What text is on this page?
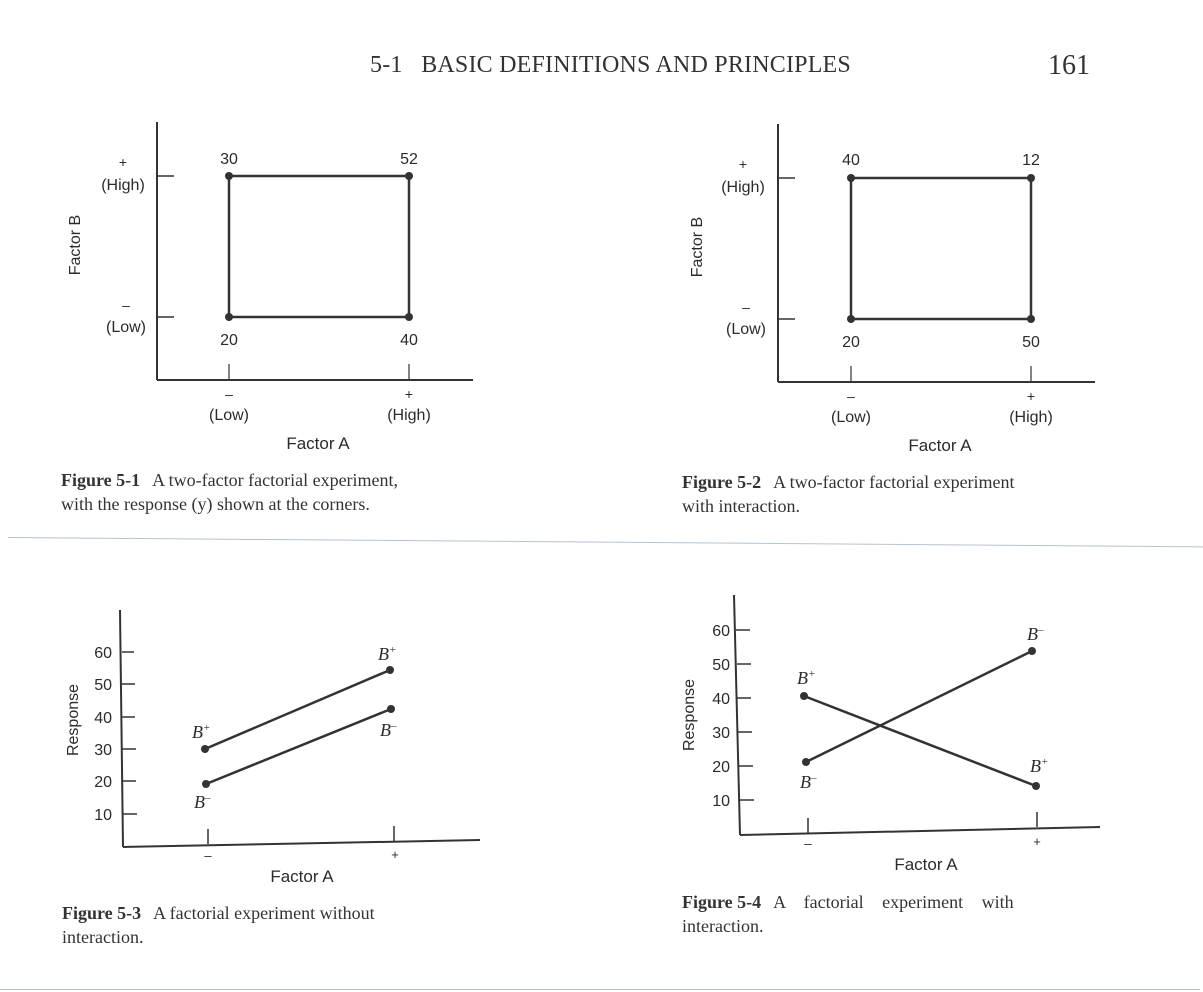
5-1   BASIC DEFINITIONS AND PRINCIPLES	161
30	52
20	40
+
(High)
–
(Low)
Factor B
–	+
(Low)	(High)
Factor A
Figure 5-1 A two-factor factorial experiment,
with the response (y) shown at the corners.
40	12
20	50
+
(High)
–
(Low)
Factor B
–	+
(Low)	(High)
Factor A
Figure 5-2 A two-factor factorial experiment
with interaction.
60
50
40
30
20
10
Response	B+
B–
B+
B–
–	+
Factor A
Figure 5-3 A factorial experiment without
interaction.
60
50
40
30
20
10
Response
B+
B–
B–
B+
–	+
Factor A
Figure 5-4 A factorial experiment with
interaction.
